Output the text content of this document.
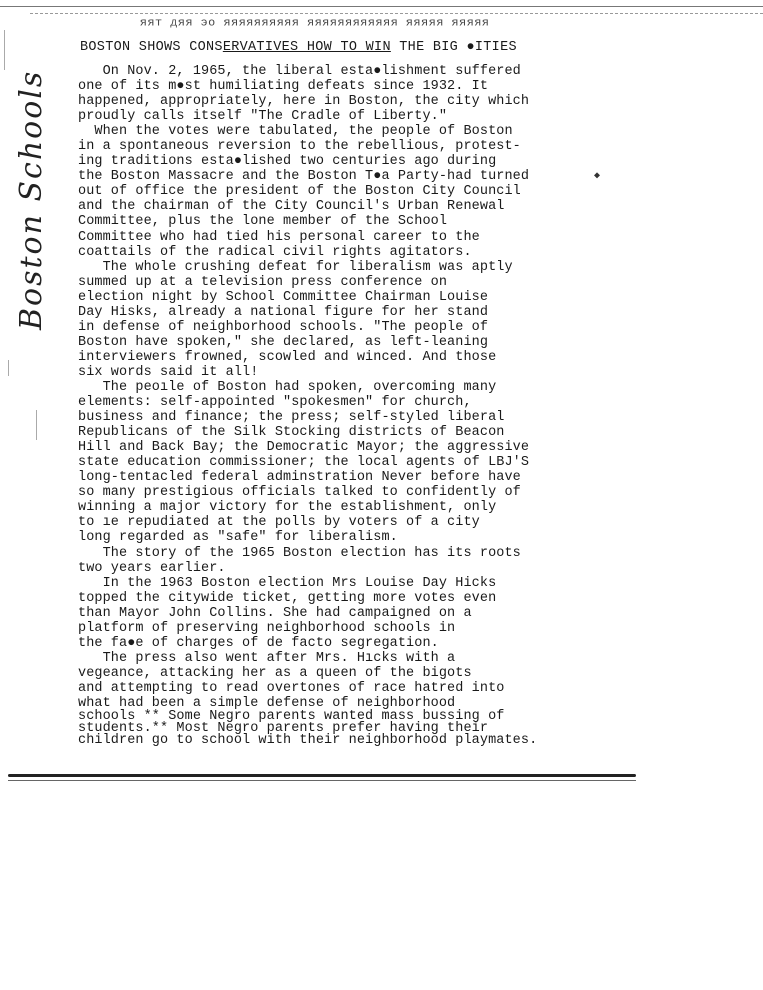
ЯЯТ ДЯЯ ЭО ЯЯЯЯЯЯЯЯЯЯ ЯЯЯЯЯЯЯЯЯЯЯЯ ЯЯЯЯЯ ЯЯЯЯЯ
BOSTON SHOWS CONSERVATIVES HOW TO WIN THE BIG ●ITIES
Boston Schools	◆
On Nov. 2, 1965, the liberal esta●lishment suffered
one of its m●st humiliating defeats since 1932. It
happened, appropriately, here in Boston, the city which
proudly calls itself "The Cradle of Liberty."
When the votes were tabulated, the people of Boston
in a spontaneous reversion to the rebellious, protest-
ing traditions esta●lished two centuries ago during
the Boston Massacre and the Boston T●a Party-had turned
out of office the president of the Boston City Council
and the chairman of the City Council's Urban Renewal
Committee, plus the lone member of the School
Committee who had tied his personal career to the
coattails of the radical civil rights agitators.
The whole crushing defeat for liberalism was aptly
summed up at a television press conference on
election night by School Committee Chairman Louise
Day Hisks, already a national figure for her stand
in defense of neighborhood schools. "The people of
Boston have spoken," she declared, as left-leaning
interviewers frowned, scowled and winced. And those
six words said it all!
The peoıle of Boston had spoken, overcoming many
elements: self-appointed "spokesmen" for church,
business and finance; the press; self-styled liberal
Republicans of the Silk Stocking districts of Beacon
Hill and Back Bay; the Democratic Mayor; the aggressive
state education commissioner; the local agents of LBJ'S
long-tentacled federal adminstration Never before have
so many prestigious officials talked to confidently of
winning a major victory for the establishment, only
to ıe repudiated at the polls by voters of a city
long regarded as "safe" for liberalism.
The story of the 1965 Boston election has its roots
two years earlier.
In the 1963 Boston election Mrs Louise Day Hicks
topped the citywide ticket, getting more votes even
than Mayor John Collins. She had campaigned on a
platform of preserving neighborhood schools in
the fa●e of charges of de facto segregation.
The press also went after Mrs. Hıcks with a
vegeance, attacking her as a queen of the bigots
and attempting to read overtones of race hatred into
what had been a simple defense of neighborhood
schools ** Some Negro parents wanted mass bussing of
students.** Most Negro parents prefer having their
children go to school with their neighborhood playmates.
